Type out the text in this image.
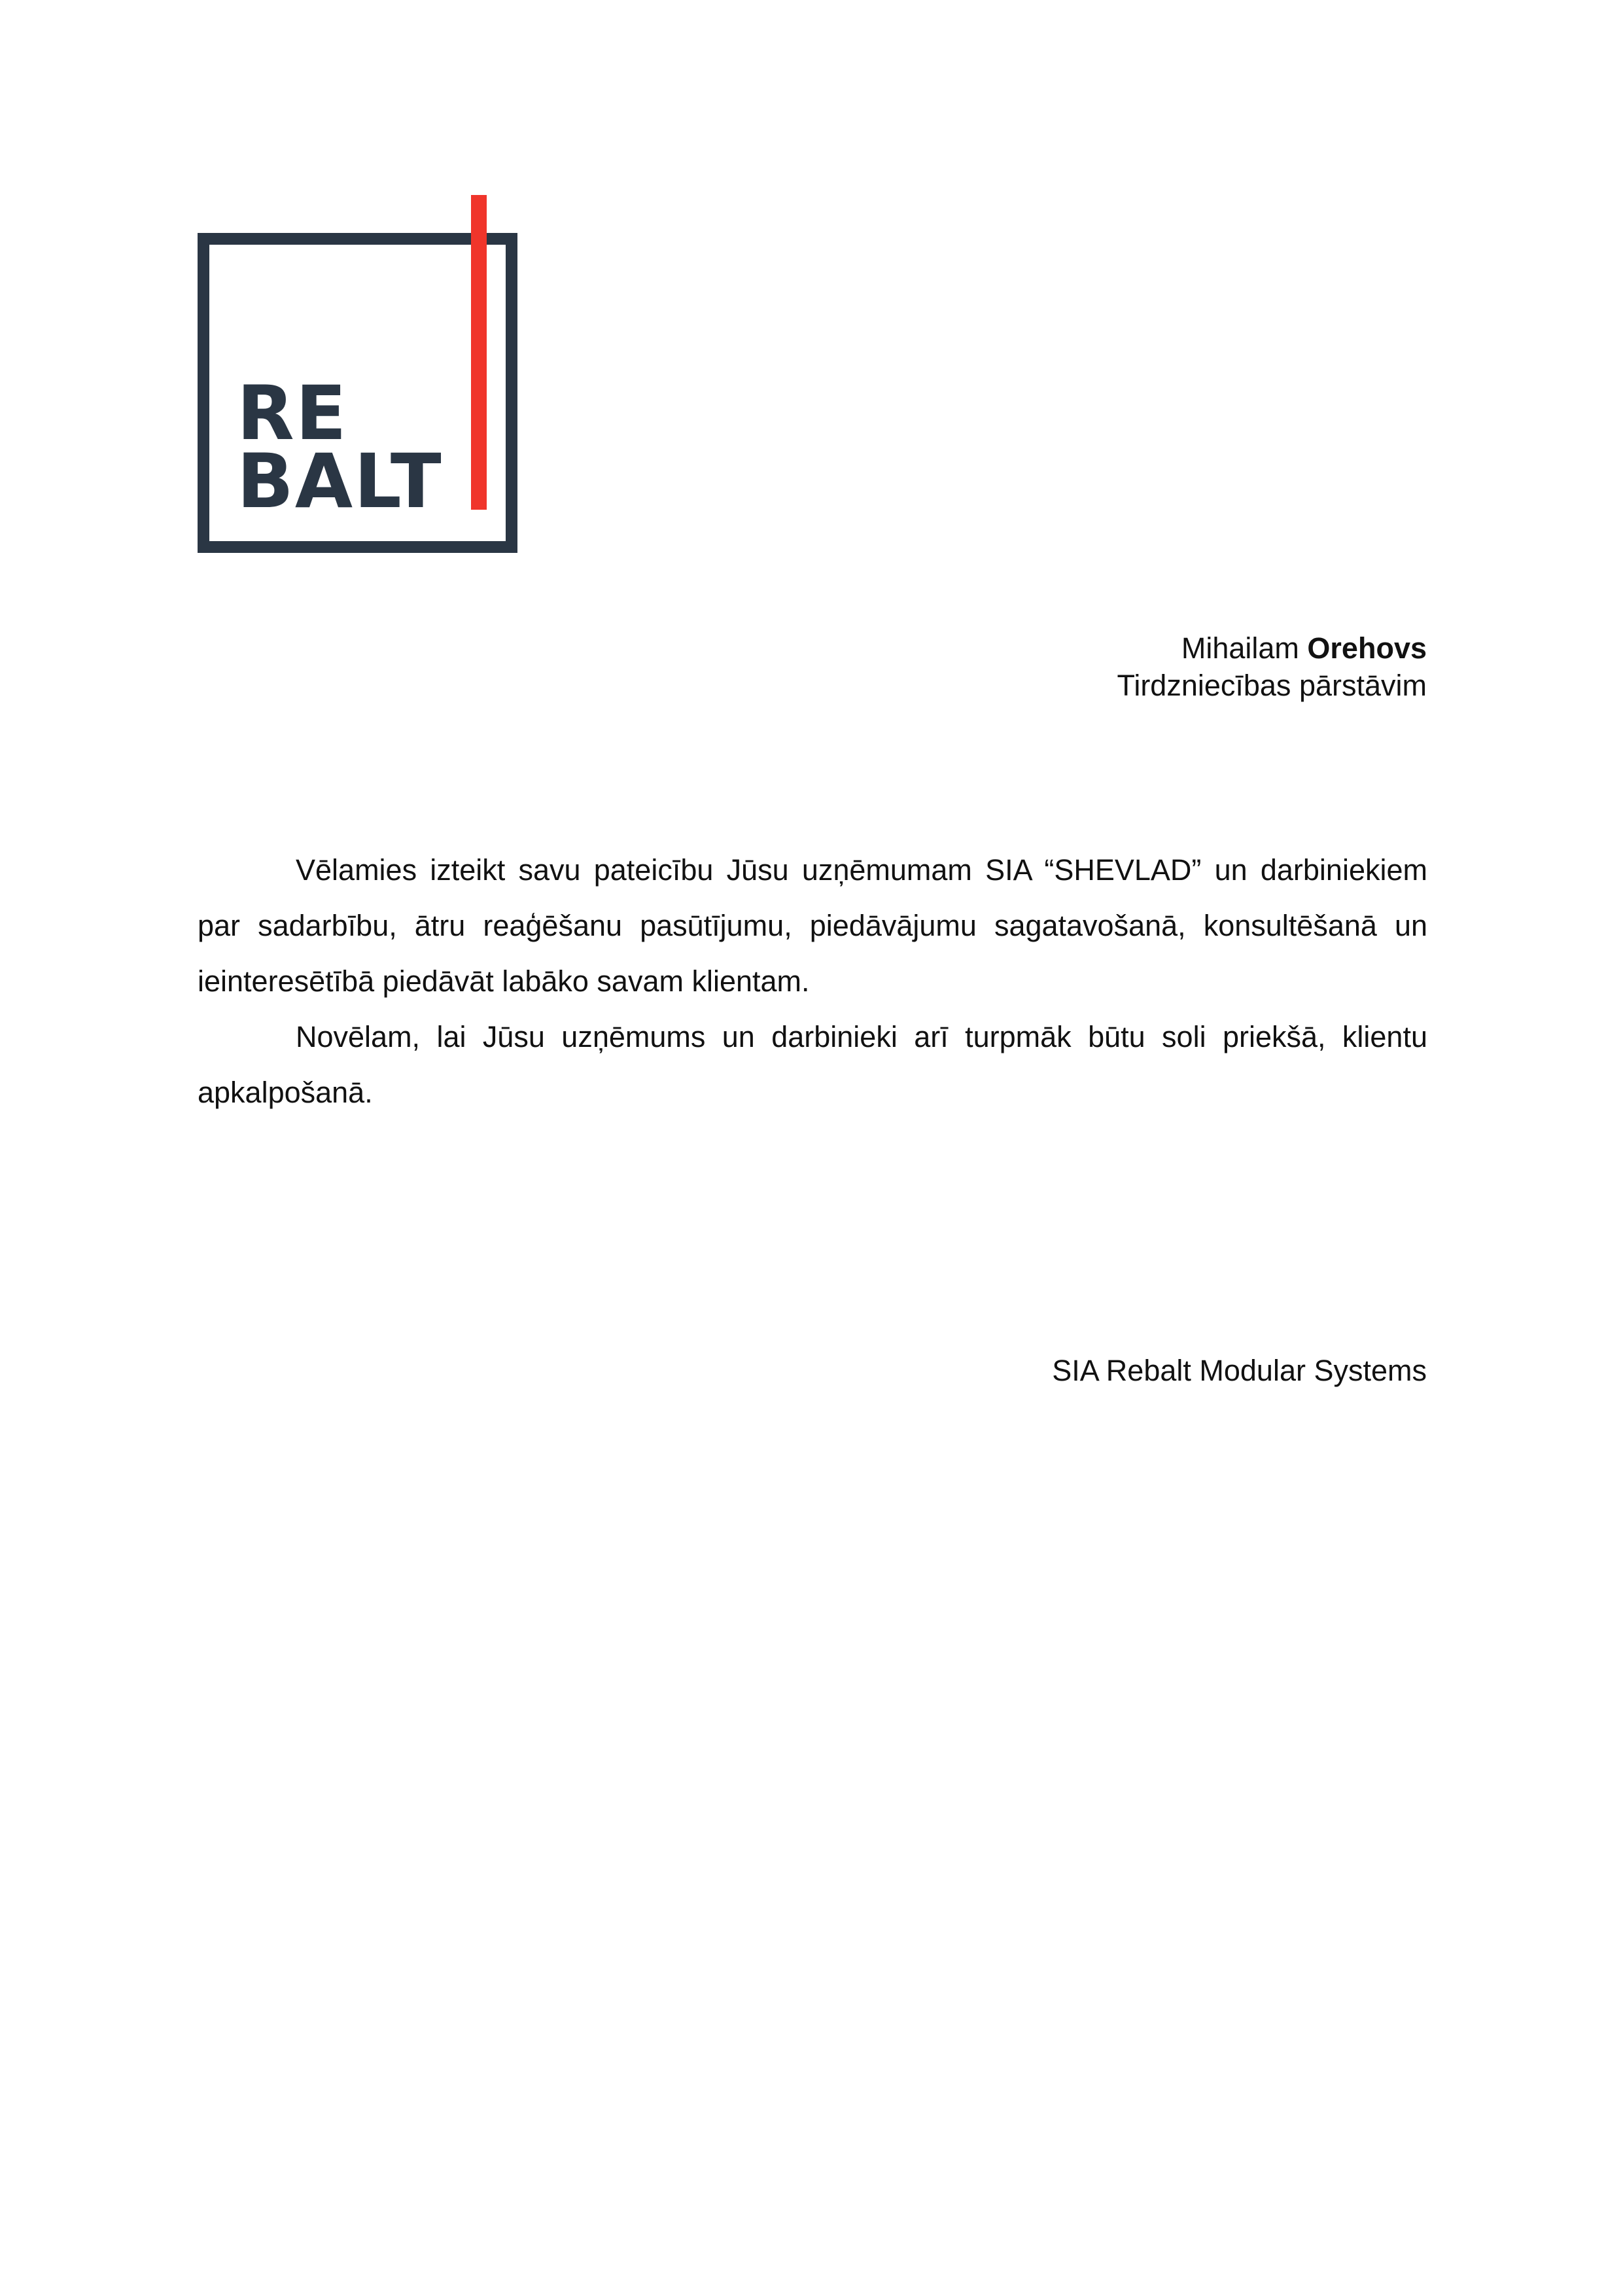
RE
BALT
Mihailam Orehovs
Tirdzniecības pārstāvim

Vēlamies izteikt savu pateicību Jūsu uzņēmumam SIA “SHEVLAD” un darbiniekiem par sadarbību, ātru reaģēšanu pasūtījumu, piedāvājumu sagatavošanā, konsultēšanā un ieinteresētībā piedāvāt labāko savam klientam.

Novēlam, lai Jūsu uzņēmums un darbinieki arī turpmāk būtu soli priekšā, klientu apkalpošanā.

SIA Rebalt Modular Systems
